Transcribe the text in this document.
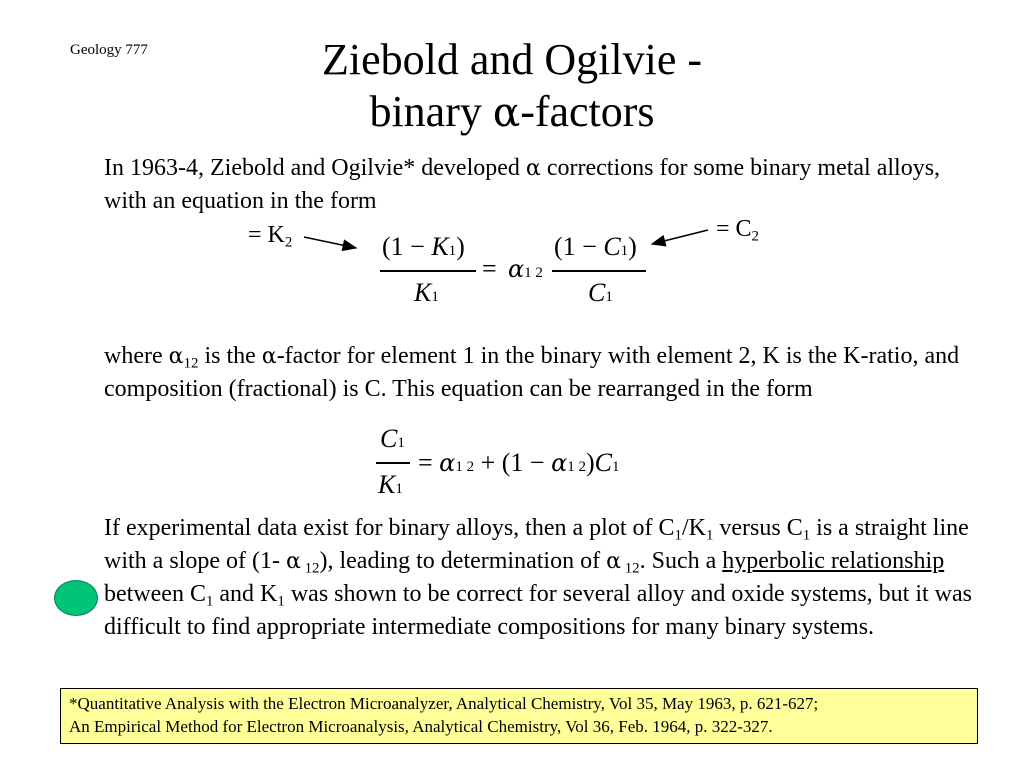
Geology 777	Ziebold and Ogilvie -
binary α-factors
In 1963-4, Ziebold and Ogilvie* developed α corrections for some binary metal alloys, with an equation in the form
= $K_2$
= $C_2$
(1 − K1)
K1
= α1 2
(1 − C1)
C1
where $\alpha_{12}$ is the α-factor for element 1 in the binary with element 2, K is the K-ratio, and composition (fractional) is C. This equation can be rearranged in the form
C1
K1
= α1 2 + (1 − α1 2)C1
If experimental data exist for binary alloys, then a plot of $C_1/K_1$ versus $C_1$ is a straight line with a slope of (1- α $_{12}$), leading to determination of α $_{12}$. Such a hyperbolic relationship between $C_1$ and $K_1$ was shown to be correct for several alloy and oxide systems, but it was difficult to find appropriate intermediate compositions for many binary systems.
*Quantitative Analysis with the Electron Microanalyzer, Analytical Chemistry, Vol 35, May 1963, p. 621-627;
An Empirical Method for Electron Microanalysis, Analytical Chemistry, Vol 36, Feb. 1964, p. 322-327.
